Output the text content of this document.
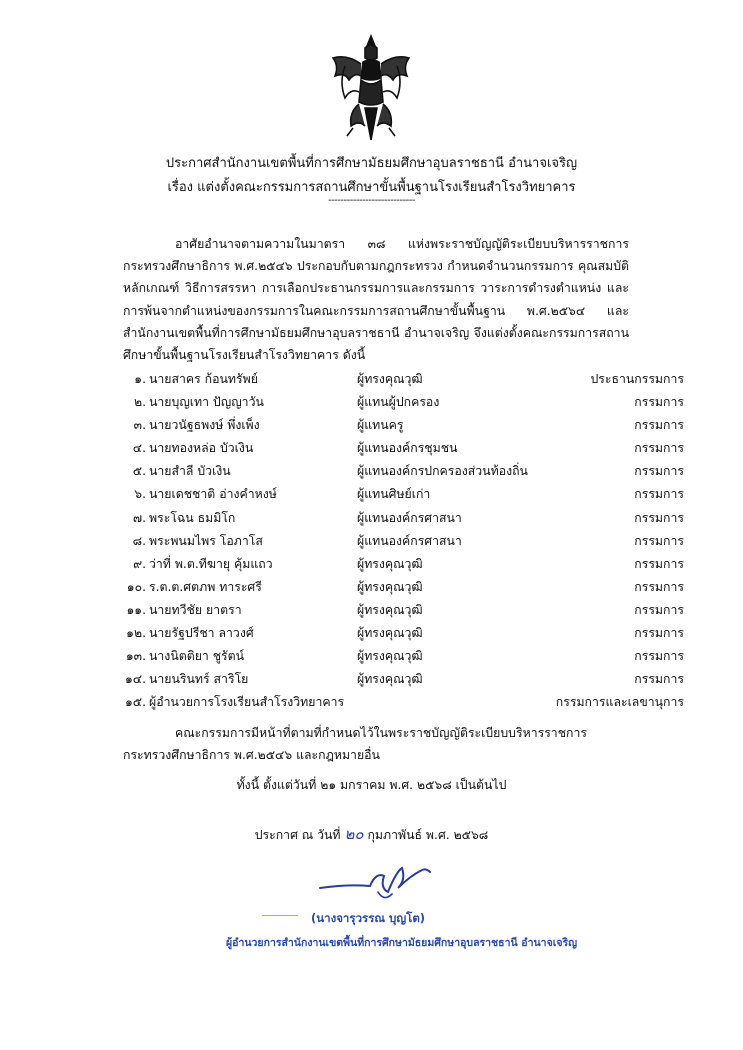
ประกาศสำนักงานเขตพื้นที่การศึกษามัธยมศึกษาอุบลราชธานี อำนาจเจริญ
เรื่อง แต่งตั้งคณะกรรมการสถานศึกษาขั้นพื้นฐานโรงเรียนสำโรงวิทยาคาร
----------------------------
อาศัยอำนาจตามความในมาตรา ๓๘ แห่งพระราชบัญญัติระเบียบบริหารราชการกระทรวงศึกษาธิการ พ.ศ.๒๕๔๖ ประกอบกับตามกฎกระทรวง กำหนดจำนวนกรรมการ คุณสมบัติ หลักเกณฑ์ วิธีการสรรหา การเลือกประธานกรรมการและกรรมการ วาระการดำรงตำแหน่ง และการพ้นจากตำแหน่งของกรรมการในคณะกรรมการสถานศึกษาขั้นพื้นฐาน พ.ศ.๒๕๖๔ และสำนักงานเขตพื้นที่การศึกษามัธยมศึกษาอุบลราชธานี อำนาจเจริญ จึงแต่งตั้งคณะกรรมการสถานศึกษาขั้นพื้นฐานโรงเรียนสำโรงวิทยาคาร ดังนี้
๑. นายสาคร ก้อนทรัพย์	ผู้ทรงคุณวุฒิ	ประธานกรรมการ
๒. นายบุญเทา ปัญญาวัน	ผู้แทนผู้ปกครอง	กรรมการ
๓. นายวนัฐธพงษ์ พึ่งเพ็ง	ผู้แทนครู	กรรมการ
๔. นายทองหล่อ บัวเงิน	ผู้แทนองค์กรชุมชน	กรรมการ
๕. นายสำลี บัวเงิน	ผู้แทนองค์กรปกครองส่วนท้องถิ่น	กรรมการ
๖. นายเดชชาติ อ่างคำหงษ์	ผู้แทนศิษย์เก่า	กรรมการ
๗. พระโฉน ธมมิโก	ผู้แทนองค์กรศาสนา	กรรมการ
๘. พระพนมไพร โอภาโส	ผู้แทนองค์กรศาสนา	กรรมการ
๙. ว่าที่ พ.ต.ทีฆายุ คุ้มแถว	ผู้ทรงคุณวุฒิ	กรรมการ
๑๐. ร.ต.ต.ศตภพ ทาระศรี	ผู้ทรงคุณวุฒิ	กรรมการ
๑๑. นายทวีชัย ยาตรา	ผู้ทรงคุณวุฒิ	กรรมการ
๑๒. นายรัฐปรีชา ลาวงศ์	ผู้ทรงคุณวุฒิ	กรรมการ
๑๓. นางนิตติยา ชูรัตน์	ผู้ทรงคุณวุฒิ	กรรมการ
๑๔. นายนรินทร์ สาริโย	ผู้ทรงคุณวุฒิ	กรรมการ
๑๕. ผู้อำนวยการโรงเรียนสำโรงวิทยาคาร	กรรมการและเลขานุการ
คณะกรรมการมีหน้าที่ตามที่กำหนดไว้ในพระราชบัญญัติระเบียบบริหารราชการ
กระทรวงศึกษาธิการ พ.ศ.๒๕๔๖ และกฎหมายอื่น
ทั้งนี้ ตั้งแต่วันที่ ๒๑ มกราคม พ.ศ. ๒๕๖๘ เป็นต้นไป
ประกาศ ณ วันที่ ๒๐ กุมภาพันธ์ พ.ศ. ๒๕๖๘
(นางจารุวรรณ บุญโต)
ผู้อำนวยการสำนักงานเขตพื้นที่การศึกษามัธยมศึกษาอุบลราชธานี อำนาจเจริญ
